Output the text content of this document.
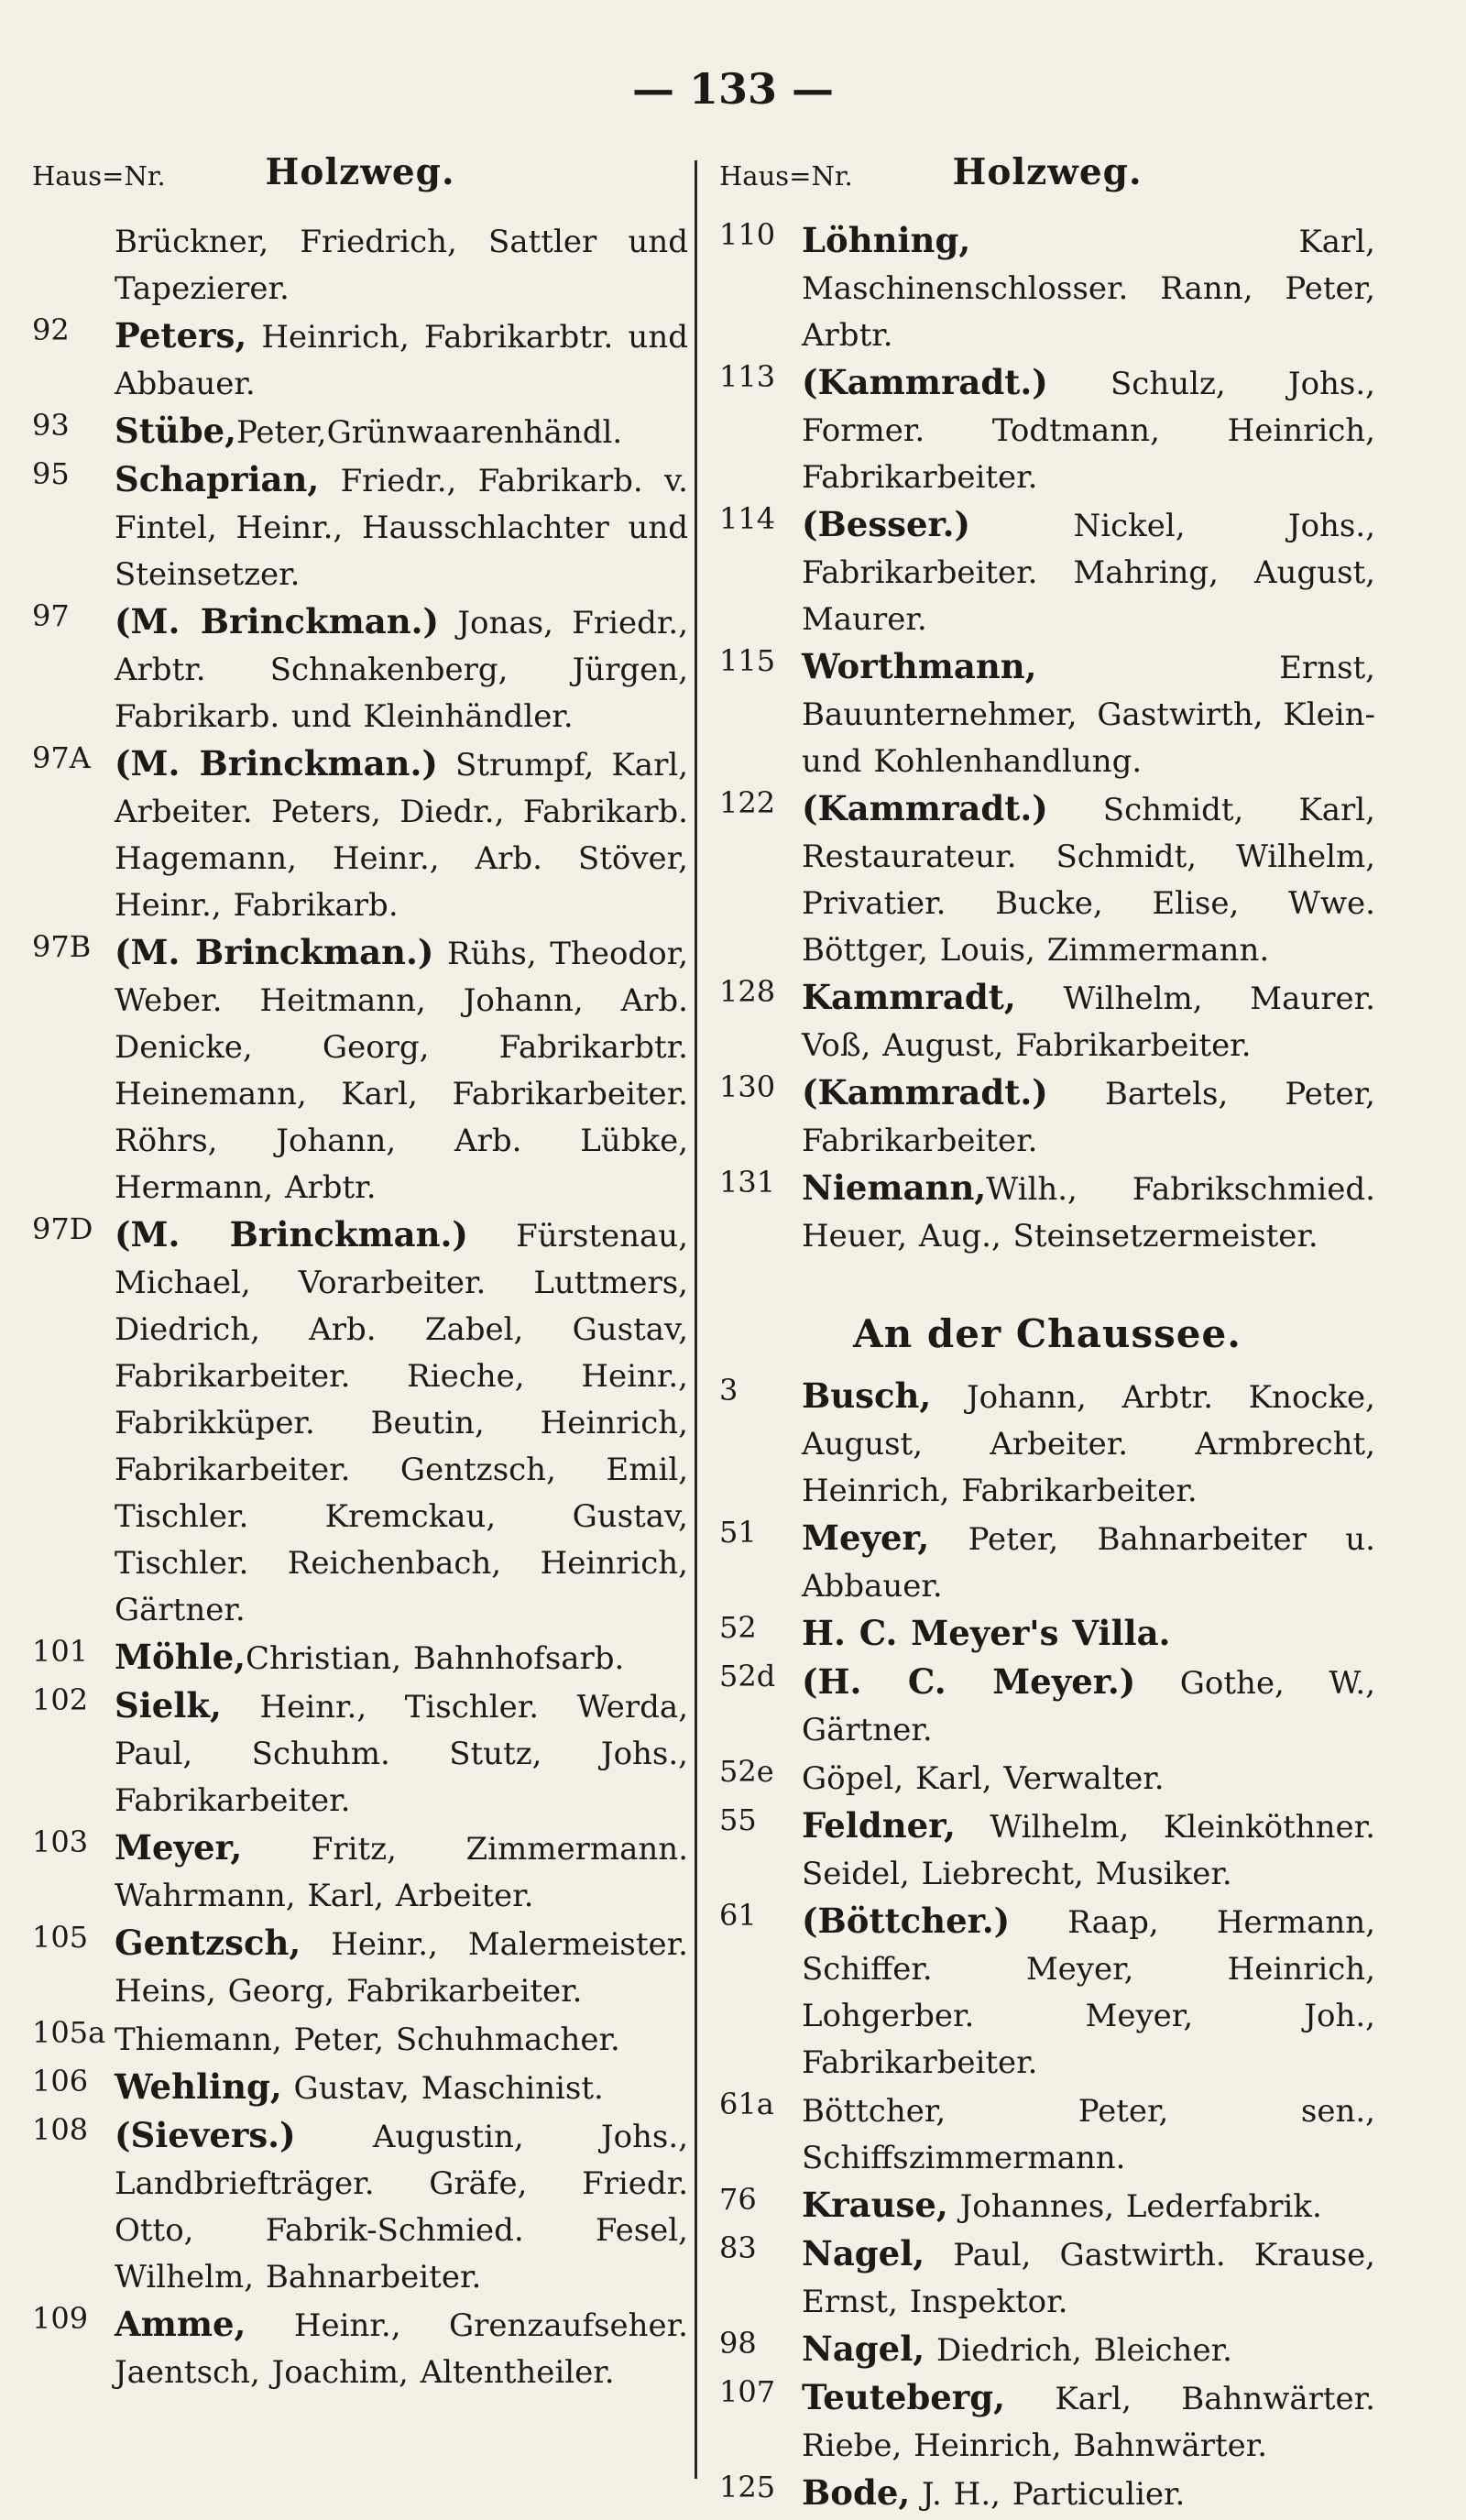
— 133 —
Haus=Nr.	Holzweg.
Brückner, Friedrich, Sattler und Tapezierer.
92	Peters, Heinrich, Fabrikarbtr. und Abbauer.
93	Stübe,Peter,Grünwaarenhändl.
95	Schaprian, Friedr., Fabrikarb. v. Fintel, Heinr., Hausschlachter und Steinsetzer.
97	(M. Brinckman.) Jonas, Friedr., Arbtr. Schnakenberg, Jürgen, Fabrikarb. und Kleinhändler.
97A (M. Brinckman.) Strumpf, Karl, Arbeiter. Peters, Diedr., Fabrikarb. Hagemann, Heinr., Arb. Stöver, Heinr., Fabrikarb.
97B (M. Brinckman.) Rühs, Theodor, Weber. Heitmann, Johann, Arb. Denicke, Georg, Fabrikarbtr. Heinemann, Karl, Fabrikarbeiter. Röhrs, Johann, Arb. Lübke, Hermann, Arbtr.
97D (M. Brinckman.) Fürstenau, Michael, Vorarbeiter. Luttmers, Diedrich, Arb. Zabel, Gustav, Fabrikarbeiter. Rieche, Heinr., Fabrikküper. Beutin, Heinrich, Fabrikarbeiter. Gentzsch, Emil, Tischler. Kremckau, Gustav, Tischler. Reichenbach, Heinrich, Gärtner.
101 Möhle,Christian, Bahnhofsarb.
102 Sielk, Heinr., Tischler. Werda, Paul, Schuhm. Stutz, Johs., Fabrikarbeiter.
103 Meyer, Fritz, Zimmermann. Wahrmann, Karl, Arbeiter.
105 Gentzsch, Heinr., Malermeister. Heins, Georg, Fabrikarbeiter.
105a Thiemann, Peter, Schuhmacher.
106 Wehling, Gustav, Maschinist.
108 (Sievers.) Augustin, Johs., Landbriefträger. Gräfe, Friedr. Otto, Fabrik-Schmied. Fesel, Wilhelm, Bahnarbeiter.
109 Amme, Heinr., Grenzaufseher. Jaentsch, Joachim, Altentheiler.
Haus=Nr.	Holzweg.
110 Löhning, Karl, Maschinenschlosser. Rann, Peter, Arbtr.
113 (Kammradt.) Schulz, Johs., Former. Todtmann, Heinrich, Fabrikarbeiter.
114 (Besser.) Nickel, Johs., Fabrikarbeiter. Mahring, August, Maurer.
115 Worthmann, Ernst, Bauunternehmer, Gastwirth, Klein- und Kohlenhandlung.
122 (Kammradt.) Schmidt, Karl, Restaurateur. Schmidt, Wilhelm, Privatier. Bucke, Elise, Wwe. Böttger, Louis, Zimmermann.
128 Kammradt, Wilhelm, Maurer. Voß, August, Fabrikarbeiter.
130 (Kammradt.) Bartels, Peter, Fabrikarbeiter.
131 Niemann,Wilh., Fabrikschmied. Heuer, Aug., Steinsetzermeister.
An der Chaussee.
3	Busch, Johann, Arbtr. Knocke, August, Arbeiter. Armbrecht, Heinrich, Fabrikarbeiter.
51	Meyer, Peter, Bahnarbeiter u. Abbauer.
52	H. C. Meyer's Villa.
52d (H. C. Meyer.) Gothe, W., Gärtner.
52e Göpel, Karl, Verwalter.
55	Feldner, Wilhelm, Kleinköthner. Seidel, Liebrecht, Musiker.
61	(Böttcher.) Raap, Hermann, Schiffer. Meyer, Heinrich, Lohgerber. Meyer, Joh., Fabrikarbeiter.
61a Böttcher, Peter, sen., Schiffszimmermann.
76	Krause, Johannes, Lederfabrik.
83	Nagel, Paul, Gastwirth. Krause, Ernst, Inspektor.
98	Nagel, Diedrich, Bleicher.
107 Teuteberg, Karl, Bahnwärter. Riebe, Heinrich, Bahnwärter.
125 Bode, J. H., Particulier.
